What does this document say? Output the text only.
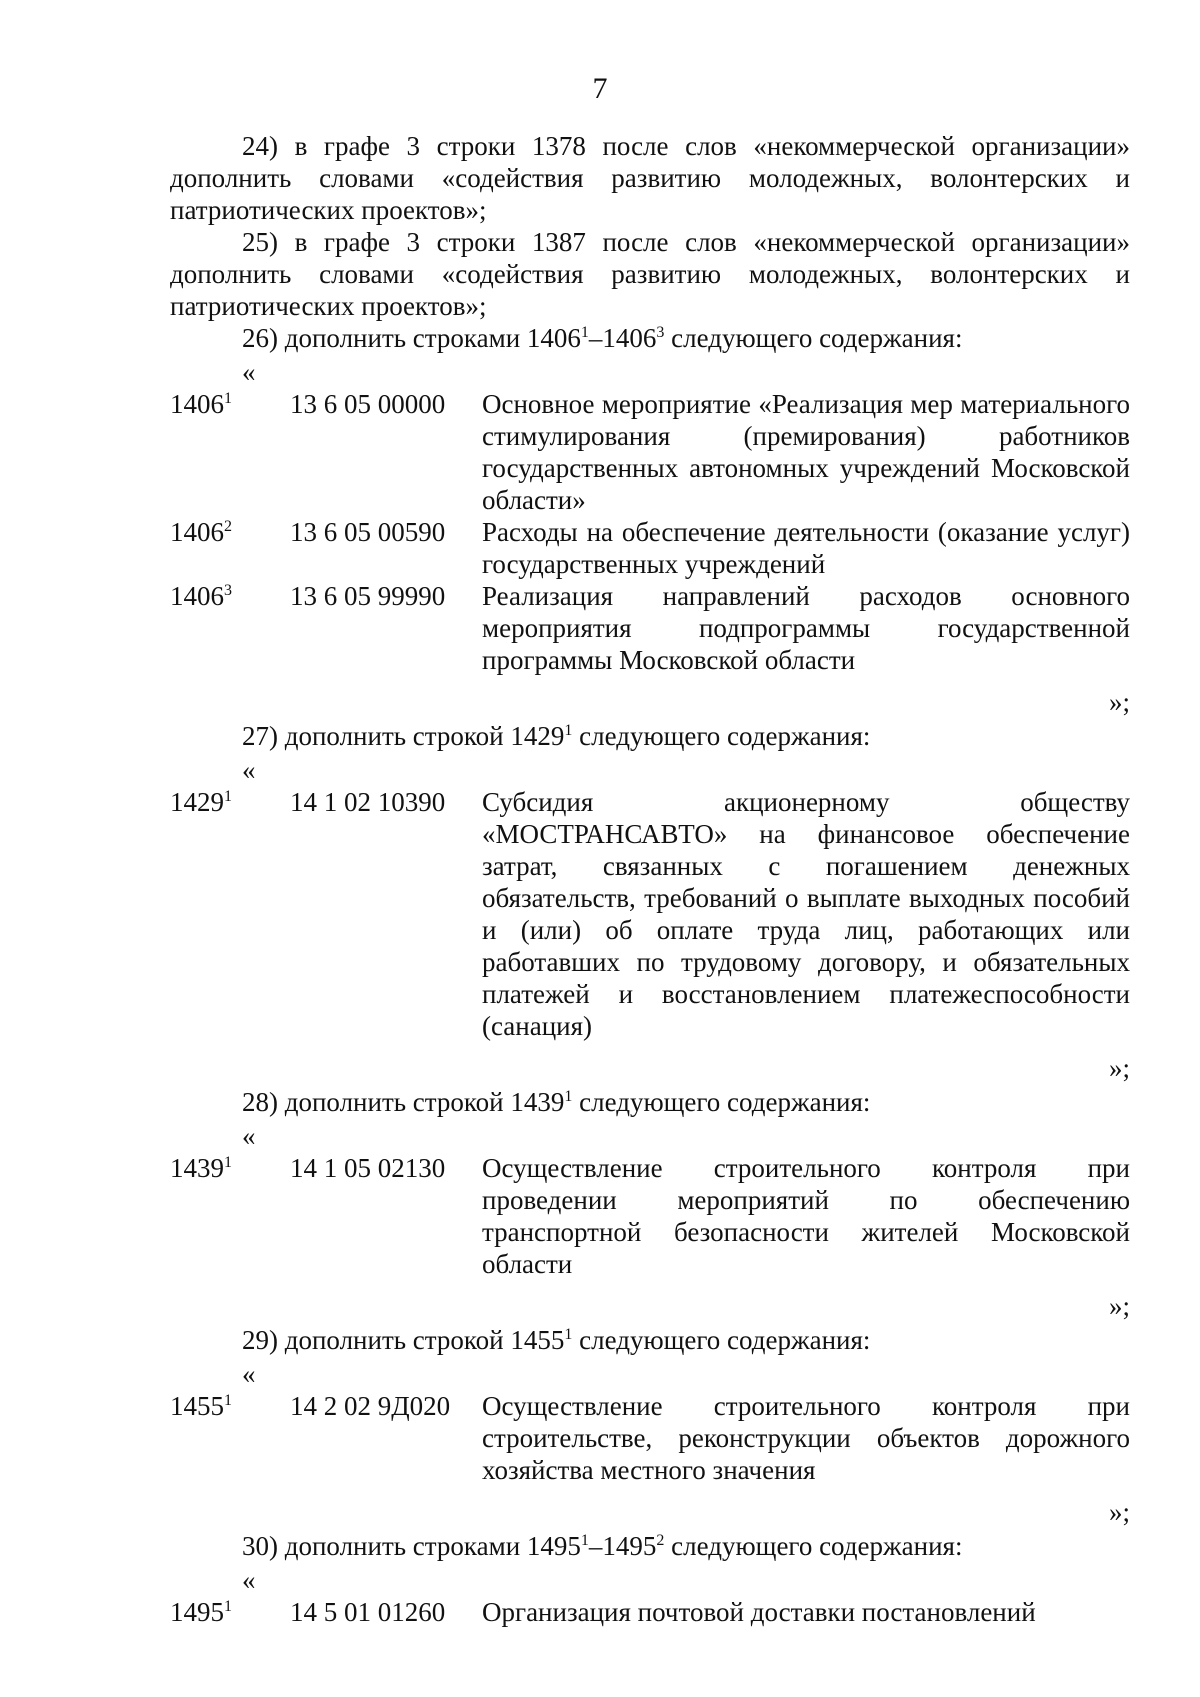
7

24) в графе 3 строки 1378 после слов «некоммерческой организации» дополнить словами «содействия развитию молодежных, волонтерских и патриотических проектов»;

25) в графе 3 строки 1387 после слов «некоммерческой организации» дополнить словами «содействия развитию молодежных, волонтерских и патриотических проектов»;

26) дополнить строками 1406$^1$–1406$^3$ следующего содержания:

«
1406$^1$	13 6 05 00000	Основное мероприятие «Реализация мер материального стимулирования (премирования) работников государственных автономных учреждений Московской области»
1406$^2$	13 6 05 00590	Расходы на обеспечение деятельности (оказание услуг) государственных учреждений
1406$^3$	13 6 05 99990	Реализация направлений расходов основного мероприятия подпрограммы государственной программы Московской области
»;

27) дополнить строкой 1429$^1$ следующего содержания:

«
1429$^1$	14 1 02 10390	Субсидия акционерному обществу «МОСТРАНСАВТО» на финансовое обеспечение затрат, связанных с погашением денежных обязательств, требований о выплате выходных пособий и (или) об оплате труда лиц, работающих или работавших по трудовому договору, и обязательных платежей и восстановлением платежеспособности (санация)
»;

28) дополнить строкой 1439$^1$ следующего содержания:

«
1439$^1$	14 1 05 02130	Осуществление строительного контроля при проведении мероприятий по обеспечению транспортной безопасности жителей Московской области
»;

29) дополнить строкой 1455$^1$ следующего содержания:

«
1455$^1$	14 2 02 9Д020	Осуществление строительного контроля при строительстве, реконструкции объектов дорожного хозяйства местного значения
»;

30) дополнить строками 1495$^1$–1495$^2$ следующего содержания:

«
1495$^1$	14 5 01 01260	Организация почтовой доставки постановлений
